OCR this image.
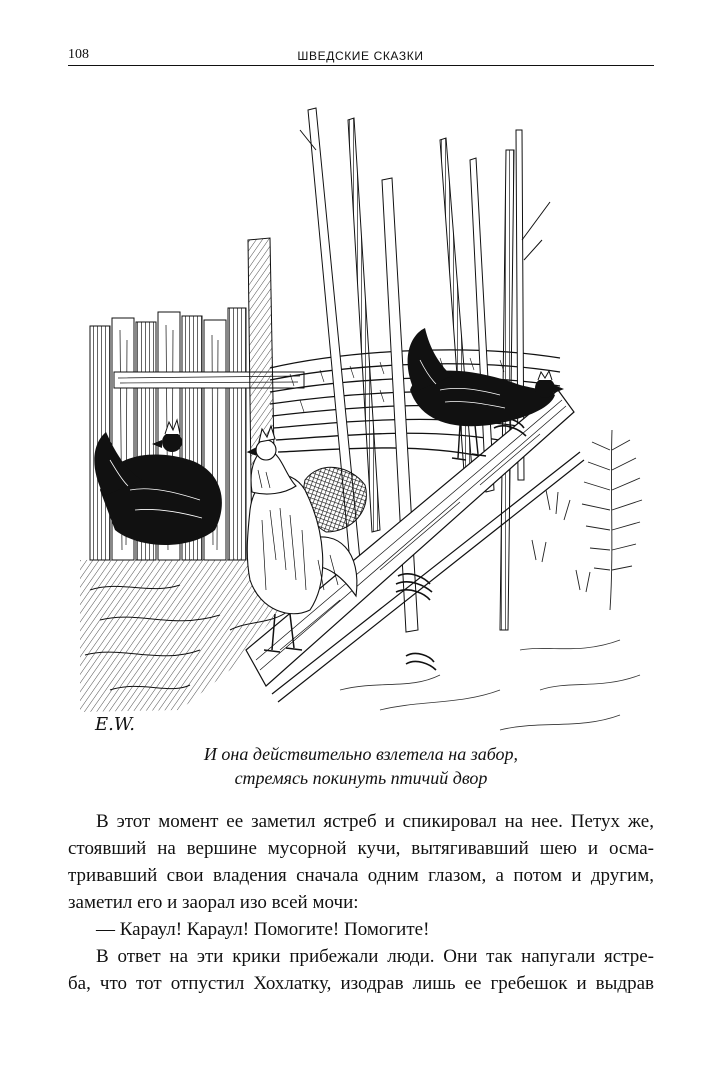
108	ШВЕДСКИЕ СКАЗКИ
E.W.
И она действительно взлетела на забор,
стремясь покинуть птичий двор
В этот момент ее заметил ястреб и спикировал на нее. Петух же,
стоявший на вершине мусорной кучи, вытягивавший шею и осма-
тривавший свои владения сначала одним глазом, а потом и другим,
заметил его и заорал изо всей мочи:
— Караул! Караул! Помогите! Помогите!
В ответ на эти крики прибежали люди. Они так напугали ястре-
ба, что тот отпустил Хохлатку, изодрав лишь ее гребешок и выдрав
